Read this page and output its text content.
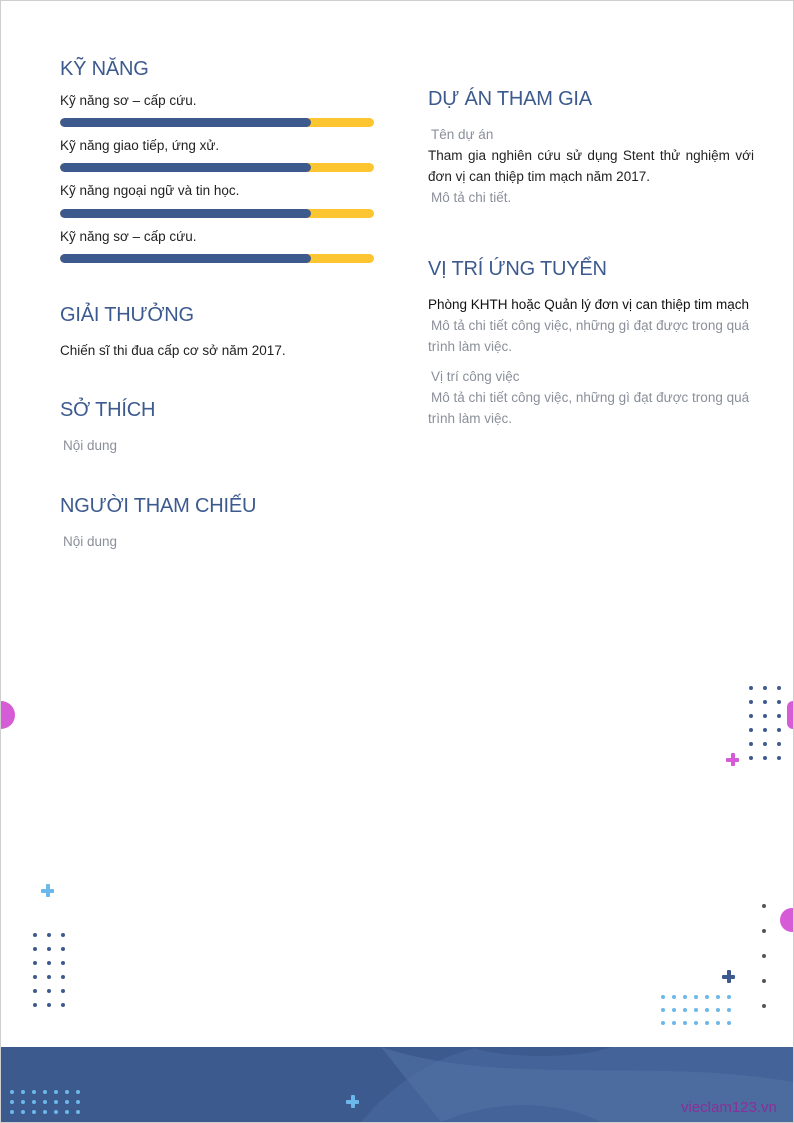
KỸ NĂNG
Kỹ năng sơ – cấp cứu.
Kỹ năng giao tiếp, ứng xử.
Kỹ năng ngoại ngữ và tin học.
Kỹ năng sơ – cấp cứu.
GIẢI THƯỞNG
Chiến sĩ thi đua cấp cơ sở năm 2017.
SỞ THÍCH
Nội dung
NGƯỜI THAM CHIẾU
Nội dung
DỰ ÁN THAM GIA
Tên dự án
Tham gia nghiên cứu sử dụng Stent thử nghiệm với đơn vị can thiệp tim mạch năm 2017.
Mô tả chi tiết.
VỊ TRÍ ỨNG TUYỂN
Phòng KHTH hoặc Quản lý đơn vị can thiệp tim mạch
Mô tả chi tiết công việc, những gì đạt được trong quá trình làm việc.
Vị trí công việc
Mô tả chi tiết công việc, những gì đạt được trong quá trình làm việc.
vieclam123.vn
